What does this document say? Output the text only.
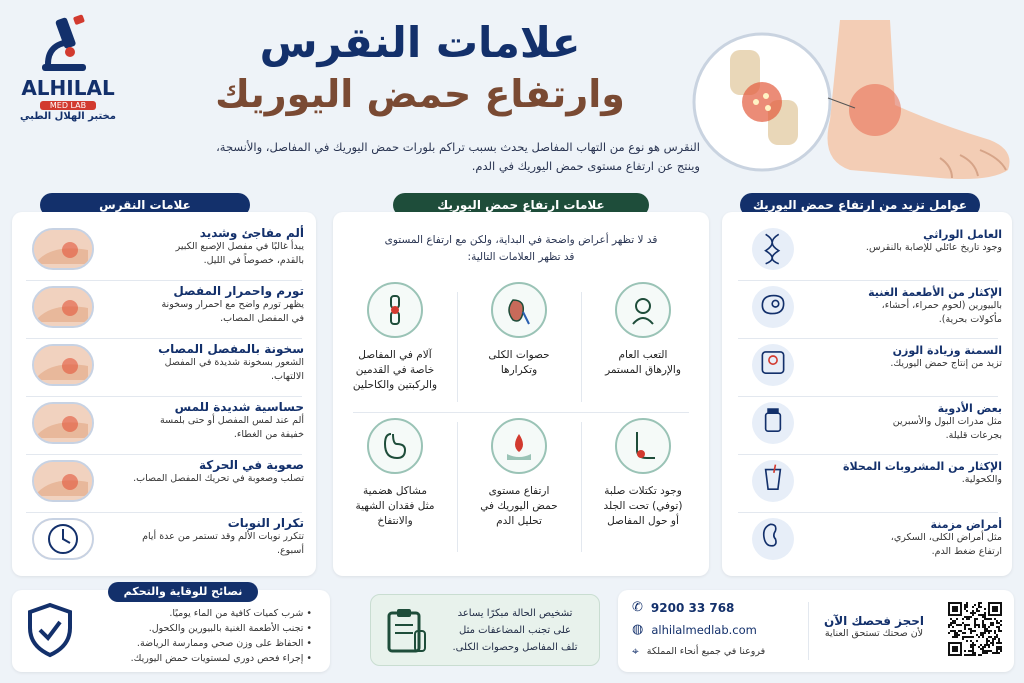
ALHILAL
MED LAB
مختبر الهلال الطبي
علامات النقرس
وارتفاع حمض اليوريك
النقرس هو نوع من التهاب المفاصل يحدث بسبب تراكم بلورات حمض اليوريك في المفاصل، والأنسجة،
وينتج عن ارتفاع مستوى حمض اليوريك في الدم.
علامات النقرس
ألم مفاجئ وشديد
يبدأ غالبًا في مفصل الإصبع الكبير
بالقدم، خصوصاً في الليل.
تورم واحمرار المفصل
يظهر تورم واضح مع احمرار وسخونة
في المفصل المصاب.
سخونة بالمفصل المصاب
الشعور بسخونة شديدة في المفصل
الالتهاب.
حساسية شديدة للمس
ألم عند لمس المفصل أو حتى بلمسة
خفيفة من الغطاء.
صعوبة في الحركة
تصلب وصعوبة في تحريك المفصل المصاب.
تكرار النوبات
تتكرر نوبات الألم وقد تستمر من عدة أيام
أسبوع.
علامات ارتفاع حمض اليوريك
قد لا تظهر أعراض واضحة في البداية، ولكن مع ارتفاع المستوى
قد تظهر العلامات التالية:
التعب العام
والإرهاق المستمر
حصوات الكلى
وتكرارها
آلام في المفاصل
خاصة في القدمين
والركبتين والكاحلين
وجود تكتلات صلبة
(توفي) تحت الجلد
أو حول المفاصل
ارتفاع مستوى
حمض اليوريك في
تحليل الدم
مشاكل هضمية
مثل فقدان الشهية
والانتفاخ
عوامل تزيد من ارتفاع حمض اليوريك
العامل الوراثي
وجود تاريخ عائلي للإصابة بالنقرس.
الإكثار من الأطعمة الغنية
بالبيورين (لحوم حمراء، أحشاء،
مأكولات بحرية).
السمنة وزيادة الوزن
تزيد من إنتاج حمض اليوريك.
بعض الأدوية
مثل مدرات البول والأسبرين
بجرعات قليلة.
الإكثار من المشروبات المحلاة
والكحولية.
أمراض مزمنة
مثل أمراض الكلى، السكري،
ارتفاع ضغط الدم.
• شرب كميات كافية من الماء يوميًا.
• تجنب الأطعمة الغنية بالبيورين والكحول.
• الحفاظ على وزن صحي وممارسة الرياضة.
• إجراء فحص دوري لمستويات حمض اليوريك.
نصائح للوقاية والتحكم
تشخيص الحالة مبكرًا يساعد
على تجنب المضاعفات مثل
تلف المفاصل وحصوات الكلى.
✆ 9200 33 768
◍ alhilalmedlab.com
⌖ فروعنا في جميع أنحاء المملكة
احجز فحصك الآن
لأن صحتك تستحق العناية
